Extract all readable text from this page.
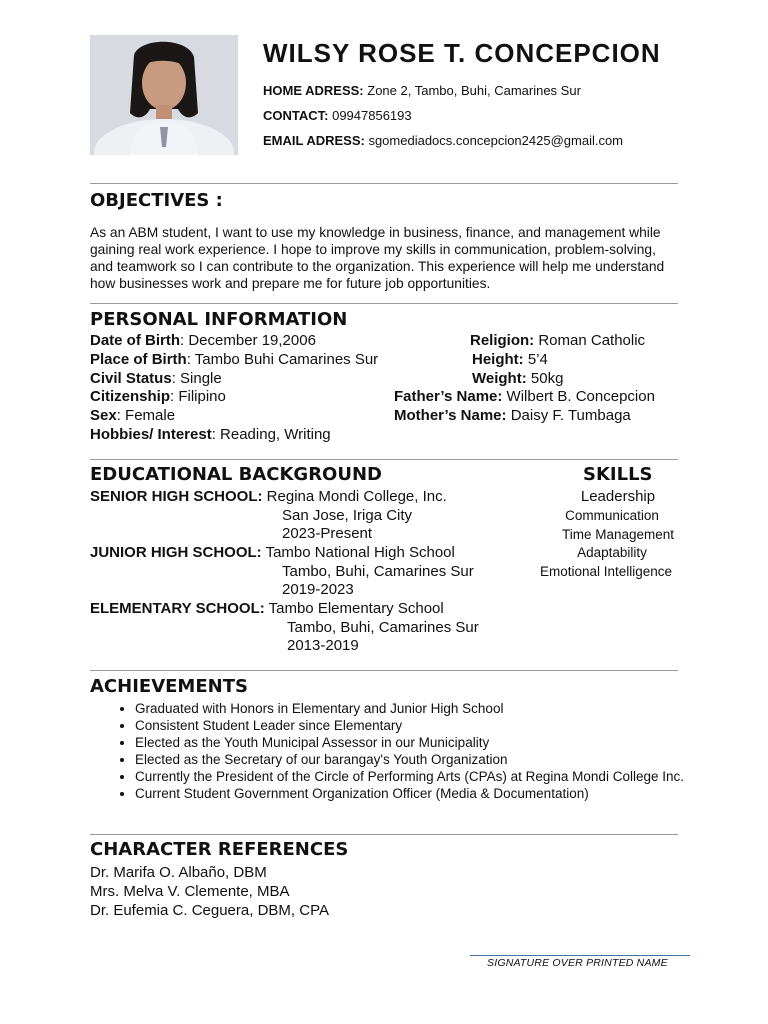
WILSY ROSE T. CONCEPCION
HOME ADRESS: Zone 2, Tambo, Buhi, Camarines Sur
CONTACT: 09947856193
EMAIL ADRESS: sgomediadocs.concepcion2425@gmail.com
OBJECTIVES :
As an ABM student, I want to use my knowledge in business, finance, and management while gaining real work experience. I hope to improve my skills in communication, problem-solving, and teamwork so I can contribute to the organization. This experience will help me understand how businesses work and prepare me for future job opportunities.
PERSONAL INFORMATION
Date of Birth: December 19,2006
Place of Birth: Tambo Buhi Camarines Sur
Civil Status: Single
Citizenship: Filipino
Sex: Female
Hobbies/ Interest: Reading, Writing
Religion: Roman Catholic
Height: 5’4
Weight: 50kg
Father’s Name: Wilbert B. Concepcion
Mother’s Name: Daisy F. Tumbaga
EDUCATIONAL BACKGROUND
SENIOR HIGH SCHOOL: Regina Mondi College, Inc.
San Jose, Iriga City
2023-Present
JUNIOR HIGH SCHOOL: Tambo National High School
Tambo, Buhi, Camarines Sur
2019-2023
ELEMENTARY SCHOOL: Tambo Elementary School
Tambo, Buhi, Camarines Sur
2013-2019
SKILLS
Leadership
Communication
Time Management
Adaptability
Emotional Intelligence
ACHIEVEMENTS
• Graduated with Honors in Elementary and Junior High School
• Consistent Student Leader since Elementary
• Elected as the Youth Municipal Assessor in our Municipality
• Elected as the Secretary of our barangay's Youth Organization
• Currently the President of the Circle of Performing Arts (CPAs) at Regina Mondi College Inc.
• Current Student Government Organization Officer (Media & Documentation)
CHARACTER REFERENCES
Dr. Marifa O. Albaño, DBM
Mrs. Melva V. Clemente, MBA
Dr. Eufemia C. Ceguera, DBM, CPA
SIGNATURE OVER PRINTED NAME
